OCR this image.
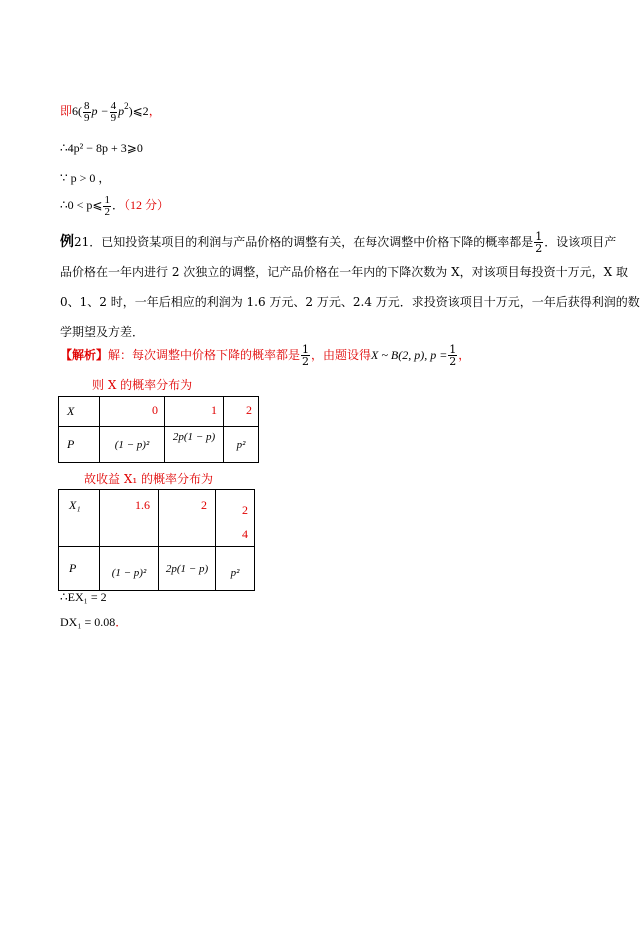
即$6( \frac{8}{9}$ $p - \frac{4}{9}$ $p^2)⩽2$，
∴4p² − 8p + 3⩾0
∵ p > 0 ，
∴0 < p⩽ $\frac{1}{2}$ ．（12 分）
例21．已知投资某项目的利润与产品价格的调整有关，在每次调整中价格下降的概率都是 $\frac{1}{2}$ ．设该项目产
品价格在一年内进行 2 次独立的调整，记产品价格在一年内的下降次数为 X，对该项目每投资十万元，X 取
0、1、2 时，一年后相应的利润为 1.6 万元、2 万元、2.4 万元．求投资该项目十万元，一年后获得利润的数
学期望及方差．
【解析】解：每次调整中价格下降的概率都是 $\frac{1}{2}$ ，由题设得X ~ B(2, p), $p = \frac{1}{2}$ ，
则 X 的概率分布为
X	0	1	2
P	(1 − p)²	2p(1 − p)	p²
故收益 X₁ 的概率分布为
X₁	1.6	2	2
4
P	(1 − p)²	2p(1 − p)	p²
∴EX₁ = 2
DX₁ = 0.08．
